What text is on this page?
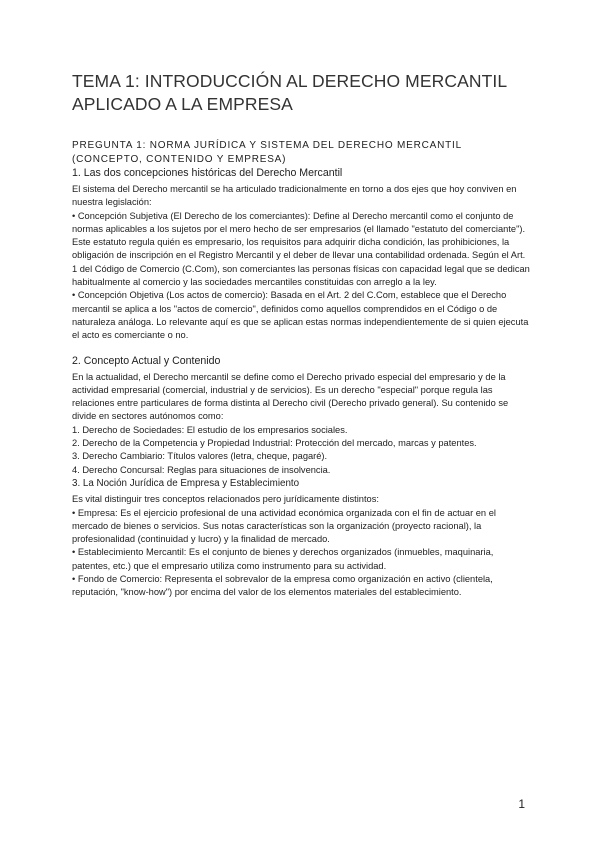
TEMA 1: INTRODUCCIÓN AL DERECHO MERCANTIL APLICADO A LA EMPRESA

PREGUNTA 1: NORMA JURÍDICA Y SISTEMA DEL DERECHO MERCANTIL (CONCEPTO, CONTENIDO Y EMPRESA)

1. Las dos concepciones históricas del Derecho Mercantil

El sistema del Derecho mercantil se ha articulado tradicionalmente en torno a dos ejes que hoy conviven en nuestra legislación:

• Concepción Subjetiva (El Derecho de los comerciantes): Define al Derecho mercantil como el conjunto de normas aplicables a los sujetos por el mero hecho de ser empresarios (el llamado "estatuto del comerciante"). Este estatuto regula quién es empresario, los requisitos para adquirir dicha condición, las prohibiciones, la obligación de inscripción en el Registro Mercantil y el deber de llevar una contabilidad ordenada. Según el Art. 1 del Código de Comercio (C.Com), son comerciantes las personas físicas con capacidad legal que se dedican habitualmente al comercio y las sociedades mercantiles constituidas con arreglo a la ley.

• Concepción Objetiva (Los actos de comercio): Basada en el Art. 2 del C.Com, establece que el Derecho mercantil se aplica a los "actos de comercio", definidos como aquellos comprendidos en el Código o de naturaleza análoga. Lo relevante aquí es que se aplican estas normas independientemente de si quien ejecuta el acto es comerciante o no.

2. Concepto Actual y Contenido

En la actualidad, el Derecho mercantil se define como el Derecho privado especial del empresario y de la actividad empresarial (comercial, industrial y de servicios). Es un derecho "especial" porque regula las relaciones entre particulares de forma distinta al Derecho civil (Derecho privado general). Su contenido se divide en sectores autónomos como:

1. Derecho de Sociedades: El estudio de los empresarios sociales.

2. Derecho de la Competencia y Propiedad Industrial: Protección del mercado, marcas y patentes.

3. Derecho Cambiario: Títulos valores (letra, cheque, pagaré).

4. Derecho Concursal: Reglas para situaciones de insolvencia.

3. La Noción Jurídica de Empresa y Establecimiento

Es vital distinguir tres conceptos relacionados pero jurídicamente distintos:

• Empresa: Es el ejercicio profesional de una actividad económica organizada con el fin de actuar en el mercado de bienes o servicios. Sus notas características son la organización (proyecto racional), la profesionalidad (continuidad y lucro) y la finalidad de mercado.

• Establecimiento Mercantil: Es el conjunto de bienes y derechos organizados (inmuebles, maquinaria, patentes, etc.) que el empresario utiliza como instrumento para su actividad.

• Fondo de Comercio: Representa el sobrevalor de la empresa como organización en activo (clientela, reputación, "know-how") por encima del valor de los elementos materiales del establecimiento.

1
